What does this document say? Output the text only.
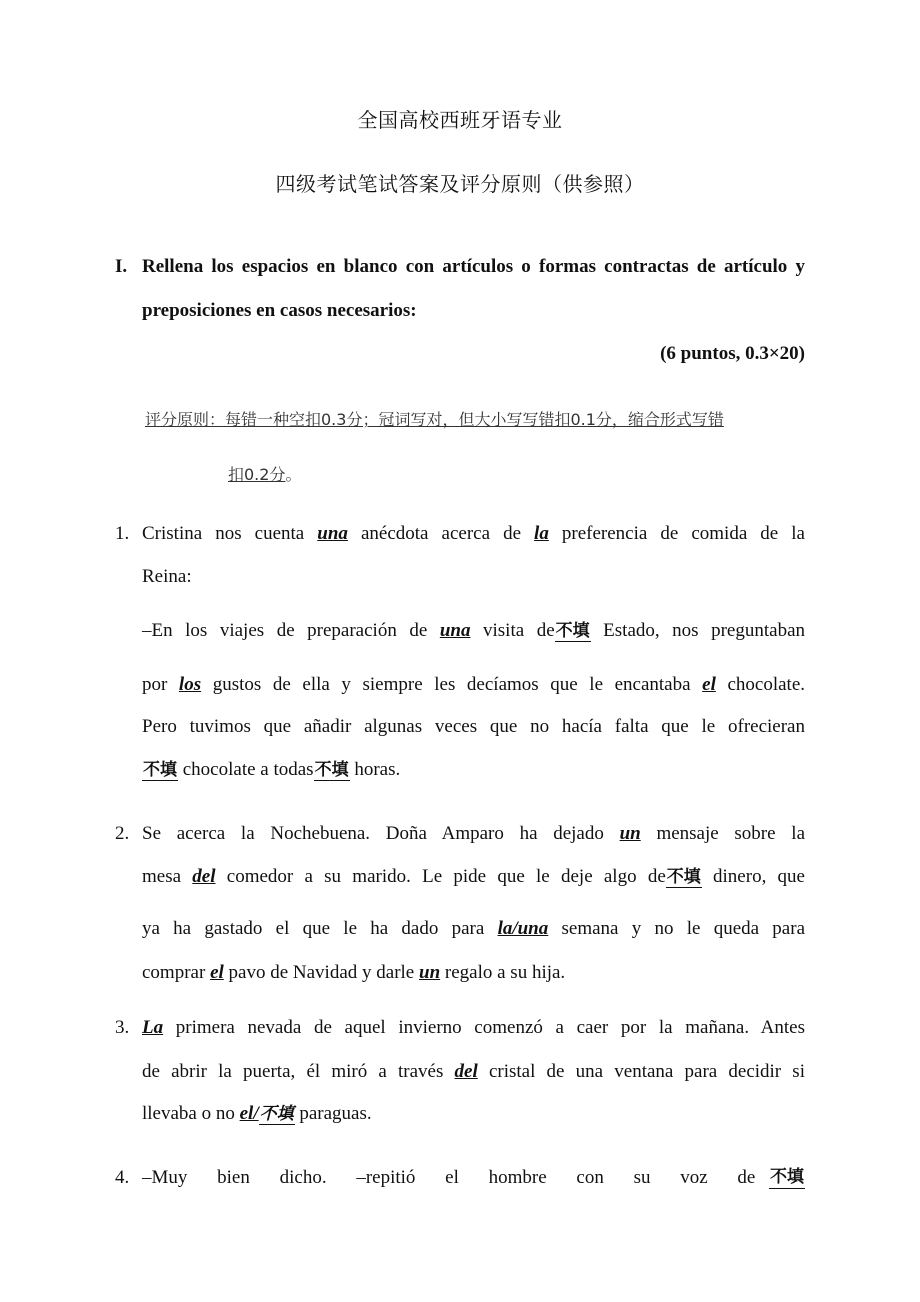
全国高校西班牙语专业
四级考试笔试答案及评分原则（供参照）
I. Rellena los espacios en blanco con artículos o formas contractas de artículo y preposiciones en casos necesarios:
(6 puntos, 0.3×20)
评分原则：每错一种空扣0.3分；冠词写对，但大小写写错扣0.1分，缩合形式写错
扣0.2分。
1. Cristina nos cuenta una anécdota acerca de la preferencia de comida de la
Reina:
–En los viajes de preparación de una visita de不填 Estado, nos preguntaban
por los gustos de ella y siempre les decíamos que le encantaba el chocolate.
Pero tuvimos que añadir algunas veces que no hacía falta que le ofrecieran
不填 chocolate a todas不填 horas.
2. Se acerca la Nochebuena. Doña Amparo ha dejado un mensaje sobre la
mesa del comedor a su marido. Le pide que le deje algo de不填 dinero, que
ya ha gastado el que le ha dado para la/una semana y no le queda para
comprar el pavo de Navidad y darle un regalo a su hija.
3. La primera nevada de aquel invierno comenzó a caer por la mañana. Antes
de abrir la puerta, él miró a través del cristal de una ventana para decidir si
llevaba o no el/不填 paraguas.
4. –Muy bien dicho. –repitió el hombre con su voz de 不填
